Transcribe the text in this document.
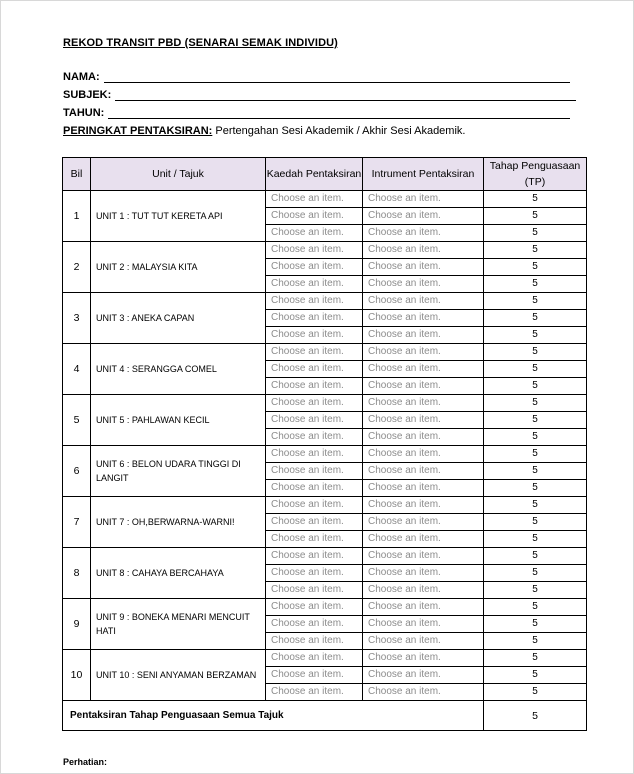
REKOD TRANSIT PBD (SENARAI SEMAK INDIVIDU)
NAMA:
SUBJEK:
TAHUN:
PERINGKAT PENTAKSIRAN: Pertengahan Sesi Akademik / Akhir Sesi Akademik.
Bil	Unit / Tajuk	Kaedah Pentaksiran	Intrument Pentaksiran	Tahap Penguasaan (TP)
1	UNIT 1 : TUT TUT KERETA API	Choose an item.	Choose an item.	5
		Choose an item.	Choose an item.	5
		Choose an item.	Choose an item.	5
2	UNIT 2 : MALAYSIA KITA	Choose an item.	Choose an item.	5
		Choose an item.	Choose an item.	5
		Choose an item.	Choose an item.	5
3	UNIT 3 : ANEKA CAPAN	Choose an item.	Choose an item.	5
		Choose an item.	Choose an item.	5
		Choose an item.	Choose an item.	5
4	UNIT 4 : SERANGGA COMEL	Choose an item.	Choose an item.	5
		Choose an item.	Choose an item.	5
		Choose an item.	Choose an item.	5
5	UNIT 5 : PAHLAWAN KECIL	Choose an item.	Choose an item.	5
		Choose an item.	Choose an item.	5
		Choose an item.	Choose an item.	5
6	UNIT 6 : BELON UDARA TINGGI DI LANGIT	Choose an item.	Choose an item.	5
		Choose an item.	Choose an item.	5
		Choose an item.	Choose an item.	5
7	UNIT 7 : OH,BERWARNA-WARNI!	Choose an item.	Choose an item.	5
		Choose an item.	Choose an item.	5
		Choose an item.	Choose an item.	5
8	UNIT 8 : CAHAYA BERCAHAYA	Choose an item.	Choose an item.	5
		Choose an item.	Choose an item.	5
		Choose an item.	Choose an item.	5
9	UNIT 9 : BONEKA MENARI MENCUIT HATI	Choose an item.	Choose an item.	5
		Choose an item.	Choose an item.	5
		Choose an item.	Choose an item.	5
10	UNIT 10 : SENI ANYAMAN BERZAMAN	Choose an item.	Choose an item.	5
		Choose an item.	Choose an item.	5
		Choose an item.	Choose an item.	5
Pentaksiran Tahap Penguasaan Semua Tajuk				5
Perhatian:
